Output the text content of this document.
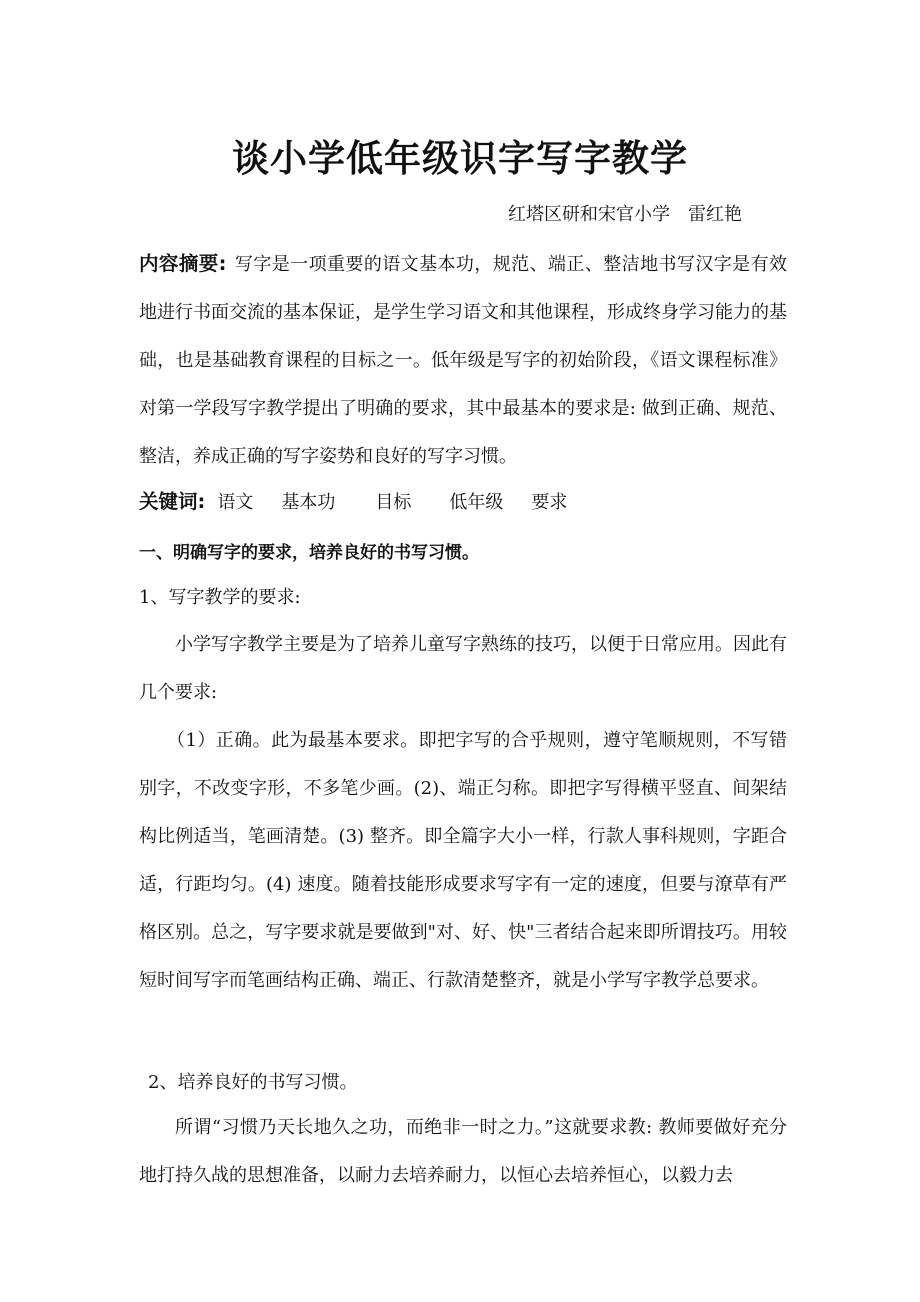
谈小学低年级识字写字教学
红塔区研和宋官小学 雷红艳
内容摘要: 写字是一项重要的语文基本功，规范、端正、整洁地书写汉字是有效地进行书面交流的基本保证，是学生学习语文和其他课程，形成终身学习能力的基础，也是基础教育课程的目标之一。低年级是写字的初始阶段，《语文课程标准》对第一学段写字教学提出了明确的要求，其中最基本的要求是: 做到正确、规范、整洁，养成正确的写字姿势和良好的写字习惯。
关键词: 语文 基本功 目标 低年级 要求
一、明确写字的要求，培养良好的书写习惯。
1、写字教学的要求:
小学写字教学主要是为了培养儿童写字熟练的技巧，以便于日常应用。因此有几个要求:
（1）正确。此为最基本要求。即把字写的合乎规则，遵守笔顺规则，不写错别字，不改变字形，不多笔少画。(2)、端正匀称。即把字写得横平竖直、间架结构比例适当，笔画清楚。(3) 整齐。即全篇字大小一样，行款人事科规则，字距合适，行距均匀。(4) 速度。随着技能形成要求写字有一定的速度，但要与潦草有严格区别。总之，写字要求就是要做到"对、好、快"三者结合起来即所谓技巧。用较短时间写字而笔画结构正确、端正、行款清楚整齐，就是小学写字教学总要求。
2、培养良好的书写习惯。
所谓“习惯乃天长地久之功，而绝非一时之力。”这就要求教: 教师要做好充分地打持久战的思想准备，以耐力去培养耐力，以恒心去培养恒心，以毅力去
